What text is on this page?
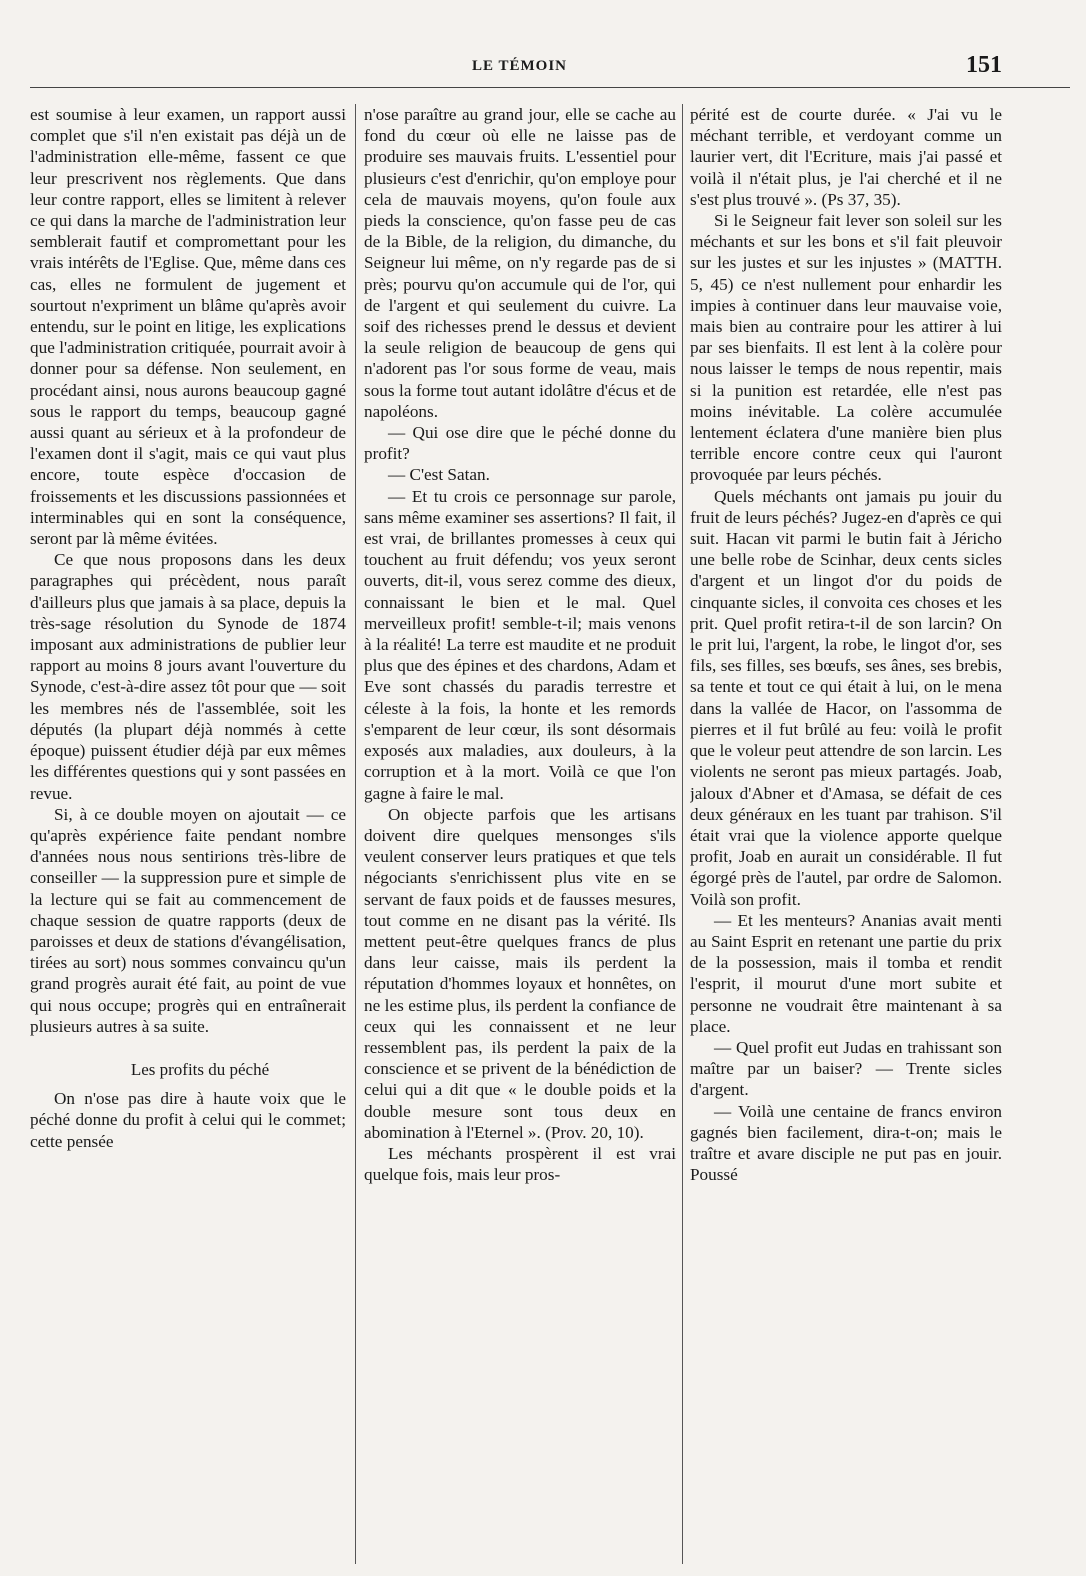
LE TÉMOIN	151

est soumise à leur examen, un rapport aussi complet que s'il n'en existait pas déjà un de l'administration elle-même, fassent ce que leur prescrivent nos règlements. Que dans leur contre rapport, elles se limitent à relever ce qui dans la marche de l'administration leur semblerait fautif et compromettant pour les vrais intérêts de l'Eglise. Que, même dans ces cas, elles ne formulent de jugement et sourtout n'expriment un blâme qu'après avoir entendu, sur le point en litige, les explications que l'administration critiquée, pourrait avoir à donner pour sa défense. Non seulement, en procédant ainsi, nous aurons beaucoup gagné sous le rapport du temps, beaucoup gagné aussi quant au sérieux et à la profondeur de l'examen dont il s'agit, mais ce qui vaut plus encore, toute espèce d'occasion de froissements et les discussions passionnées et interminables qui en sont la conséquence, seront par là même évitées.

Ce que nous proposons dans les deux paragraphes qui précèdent, nous paraît d'ailleurs plus que jamais à sa place, depuis la très-sage résolution du Synode de 1874 imposant aux administrations de publier leur rapport au moins 8 jours avant l'ouverture du Synode, c'est-à-dire assez tôt pour que — soit les membres nés de l'assemblée, soit les députés (la plupart déjà nommés à cette époque) puissent étudier déjà par eux mêmes les différentes questions qui y sont passées en revue.

Si, à ce double moyen on ajoutait — ce qu'après expérience faite pendant nombre d'années nous nous sentirions très-libre de conseiller — la suppression pure et simple de la lecture qui se fait au commencement de chaque session de quatre rapports (deux de paroisses et deux de stations d'évangélisation, tirées au sort) nous sommes convaincu qu'un grand progrès aurait été fait, au point de vue qui nous occupe; progrès qui en entraînerait plusieurs autres à sa suite.

Les profits du péché

On n'ose pas dire à haute voix que le péché donne du profit à celui qui le commet; cette pensée

n'ose paraître au grand jour, elle se cache au fond du cœur où elle ne laisse pas de produire ses mauvais fruits. L'essentiel pour plusieurs c'est d'enrichir, qu'on employe pour cela de mauvais moyens, qu'on foule aux pieds la conscience, qu'on fasse peu de cas de la Bible, de la religion, du dimanche, du Seigneur lui même, on n'y regarde pas de si près; pourvu qu'on accumule qui de l'or, qui de l'argent et qui seulement du cuivre. La soif des richesses prend le dessus et devient la seule religion de beaucoup de gens qui n'adorent pas l'or sous forme de veau, mais sous la forme tout autant idolâtre d'écus et de napoléons.

— Qui ose dire que le péché donne du profit?

— C'est Satan.

— Et tu crois ce personnage sur parole, sans même examiner ses assertions? Il fait, il est vrai, de brillantes promesses à ceux qui touchent au fruit défendu; vos yeux seront ouverts, dit-il, vous serez comme des dieux, connaissant le bien et le mal. Quel merveilleux profit! semble-t-il; mais venons à la réalité! La terre est maudite et ne produit plus que des épines et des chardons, Adam et Eve sont chassés du paradis terrestre et céleste à la fois, la honte et les remords s'emparent de leur cœur, ils sont désormais exposés aux maladies, aux douleurs, à la corruption et à la mort. Voilà ce que l'on gagne à faire le mal.

On objecte parfois que les artisans doivent dire quelques mensonges s'ils veulent conserver leurs pratiques et que tels négociants s'enrichissent plus vite en se servant de faux poids et de fausses mesures, tout comme en ne disant pas la vérité. Ils mettent peut-être quelques francs de plus dans leur caisse, mais ils perdent la réputation d'hommes loyaux et honnêtes, on ne les estime plus, ils perdent la confiance de ceux qui les connaissent et ne leur ressemblent pas, ils perdent la paix de la conscience et se privent de la bénédiction de celui qui a dit que « le double poids et la double mesure sont tous deux en abomination à l'Eternel ». (Prov. 20, 10).

Les méchants prospèrent il est vrai quelque fois, mais leur pros-

périté est de courte durée. « J'ai vu le méchant terrible, et verdoyant comme un laurier vert, dit l'Ecriture, mais j'ai passé et voilà il n'était plus, je l'ai cherché et il ne s'est plus trouvé ». (Ps 37, 35).

Si le Seigneur fait lever son soleil sur les méchants et sur les bons et s'il fait pleuvoir sur les justes et sur les injustes » (MATTH. 5, 45) ce n'est nullement pour enhardir les impies à continuer dans leur mauvaise voie, mais bien au contraire pour les attirer à lui par ses bienfaits. Il est lent à la colère pour nous laisser le temps de nous repentir, mais si la punition est retardée, elle n'est pas moins inévitable. La colère accumulée lentement éclatera d'une manière bien plus terrible encore contre ceux qui l'auront provoquée par leurs péchés.

Quels méchants ont jamais pu jouir du fruit de leurs péchés? Jugez-en d'après ce qui suit. Hacan vit parmi le butin fait à Jéricho une belle robe de Scinhar, deux cents sicles d'argent et un lingot d'or du poids de cinquante sicles, il convoita ces choses et les prit. Quel profit retira-t-il de son larcin? On le prit lui, l'argent, la robe, le lingot d'or, ses fils, ses filles, ses bœufs, ses ânes, ses brebis, sa tente et tout ce qui était à lui, on le mena dans la vallée de Hacor, on l'assomma de pierres et il fut brûlé au feu: voilà le profit que le voleur peut attendre de son larcin. Les violents ne seront pas mieux partagés. Joab, jaloux d'Abner et d'Amasa, se défait de ces deux généraux en les tuant par trahison. S'il était vrai que la violence apporte quelque profit, Joab en aurait un considérable. Il fut égorgé près de l'autel, par ordre de Salomon. Voilà son profit.

— Et les menteurs? Ananias avait menti au Saint Esprit en retenant une partie du prix de la possession, mais il tomba et rendit l'esprit, il mourut d'une mort subite et personne ne voudrait être maintenant à sa place.

— Quel profit eut Judas en trahissant son maître par un baiser? — Trente sicles d'argent.

— Voilà une centaine de francs environ gagnés bien facilement, dira-t-on; mais le traître et avare disciple ne put pas en jouir. Poussé
